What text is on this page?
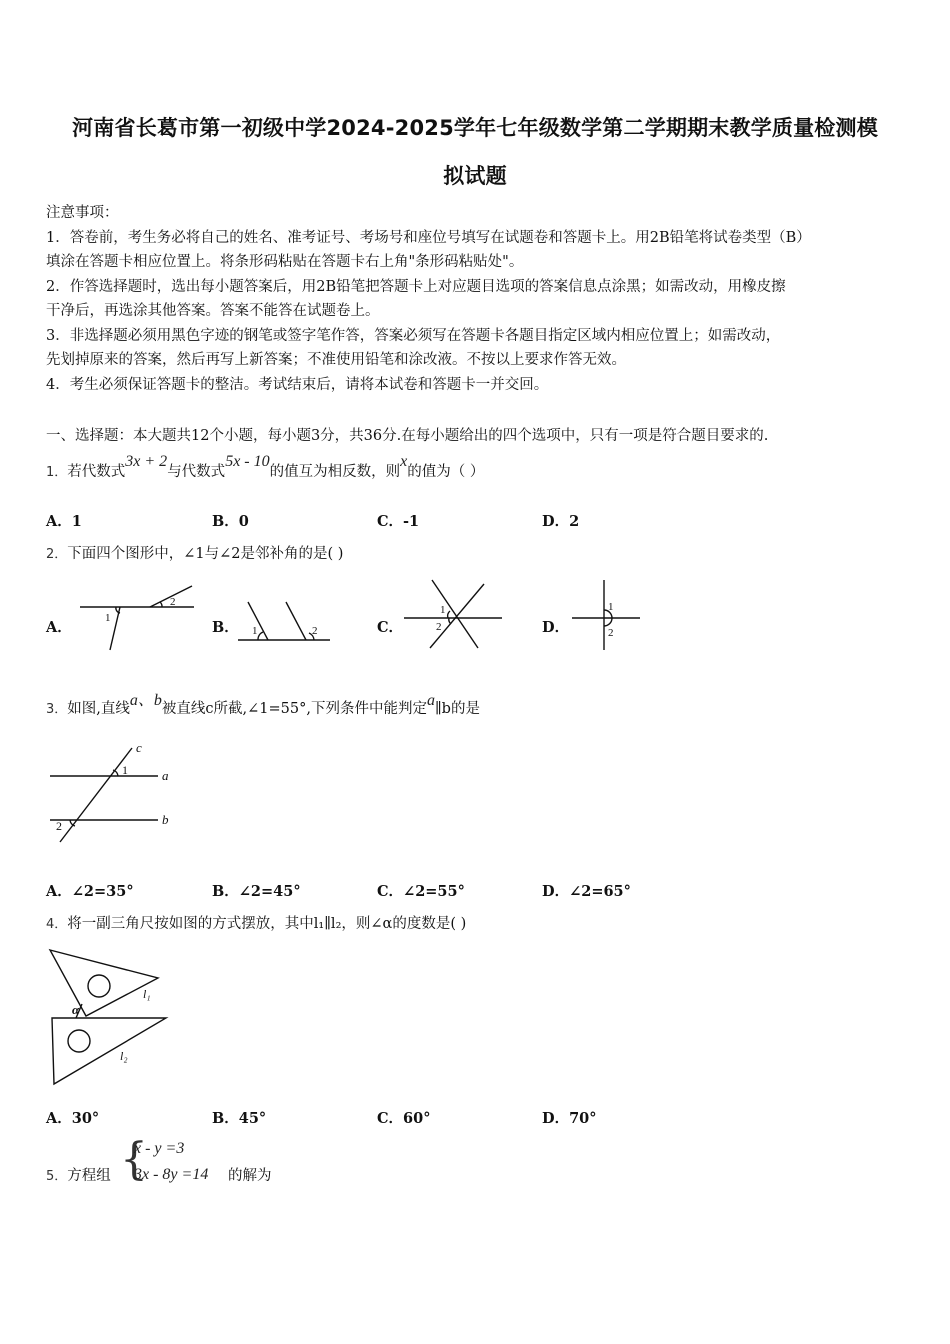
河南省长葛市第一初级中学2024-2025学年七年级数学第二学期期末教学质量检测模
拟试题
注意事项：
1．答卷前，考生务必将自己的姓名、准考证号、考场号和座位号填写在试题卷和答题卡上。用2B铅笔将试卷类型（B）
填涂在答题卡相应位置上。将条形码粘贴在答题卡右上角"条形码粘贴处"。
2．作答选择题时，选出每小题答案后，用2B铅笔把答题卡上对应题目选项的答案信息点涂黑；如需改动，用橡皮擦
干净后，再选涂其他答案。答案不能答在试题卷上。
3．非选择题必须用黑色字迹的钢笔或签字笔作答，答案必须写在答题卡各题目指定区域内相应位置上；如需改动，
先划掉原来的答案，然后再写上新答案；不准使用铅笔和涂改液。不按以上要求作答无效。
4．考生必须保证答题卡的整洁。考试结束后，请将本试卷和答题卡一并交回。
一、选择题：本大题共12个小题，每小题3分，共36分.在每小题给出的四个选项中，只有一项是符合题目要求的.
1．若代数式3x + 2与代数式5x - 10的值互为相反数，则x的值为（ ）
A．1	B．0	C．-1	D．2
2．下面四个图形中，∠1与∠2是邻补角的是( )
A．	B．	C．	D．
1
2
1	2
1
2
1
2
3．如图,直线a、b被直线c所截,∠1=55°,下列条件中能判定a∥b的是
c
a
b
1
2
A．∠2=35°	B．∠2=45°	C．∠2=55°	D．∠2=65°
4．将一副三角尺按如图的方式摆放，其中l₁∥l₂，则∠α的度数是( )
α
l₁
l₂
A．30°	B．45°	C．60°	D．70°
5．方程组 {
x - y =3
3x - 8y =14 的解为
